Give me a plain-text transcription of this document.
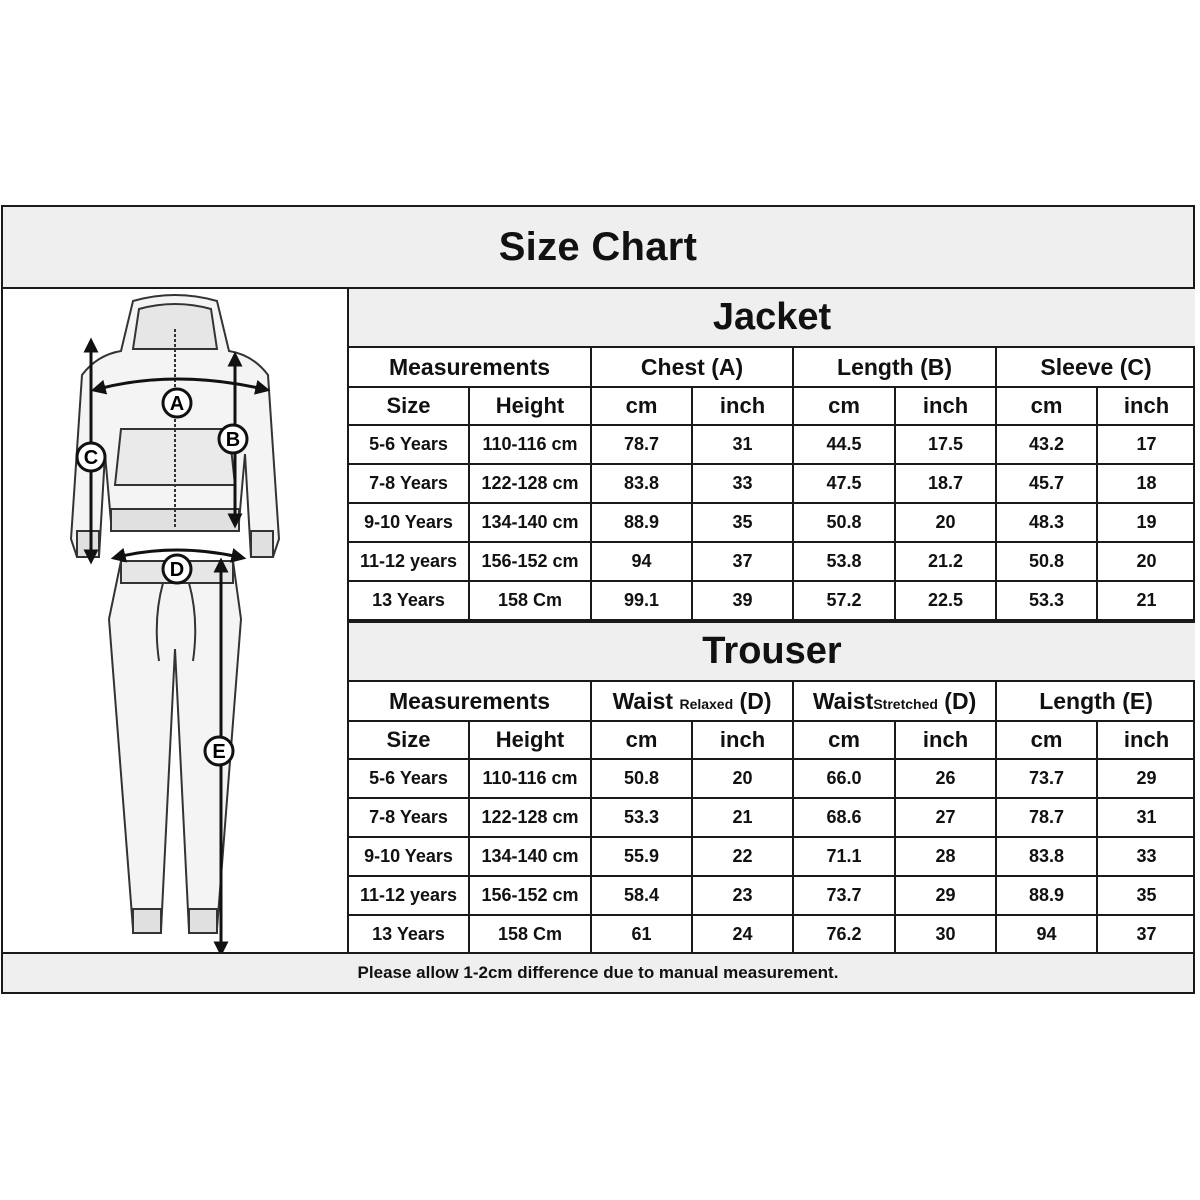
Size Chart
A
B
C
D
E
Jacket
Measurements		Chest (A)		Length (B)		Sleeve (C)	
Size	Height	cm	inch	cm	inch	cm	inch
5-6 Years	110-116 cm	78.7	31	44.5	17.5	43.2	17
7-8 Years	122-128 cm	83.8	33	47.5	18.7	45.7	18
9-10 Years	134-140 cm	88.9	35	50.8	20	48.3	19
11-12 years	156-152 cm	94	37	53.8	21.2	50.8	20
13 Years	158 Cm	99.1	39	57.2	22.5	53.3	21
Trouser
Measurements		Waist Relaxed (D)		WaistStretched (D)		Length (E)	
Size	Height	cm	inch	cm	inch	cm	inch
5-6 Years	110-116 cm	50.8	20	66.0	26	73.7	29
7-8 Years	122-128 cm	53.3	21	68.6	27	78.7	31
9-10 Years	134-140 cm	55.9	22	71.1	28	83.8	33
11-12 years	156-152 cm	58.4	23	73.7	29	88.9	35
13 Years	158 Cm	61	24	76.2	30	94	37
Please allow 1-2cm difference due to manual measurement.
